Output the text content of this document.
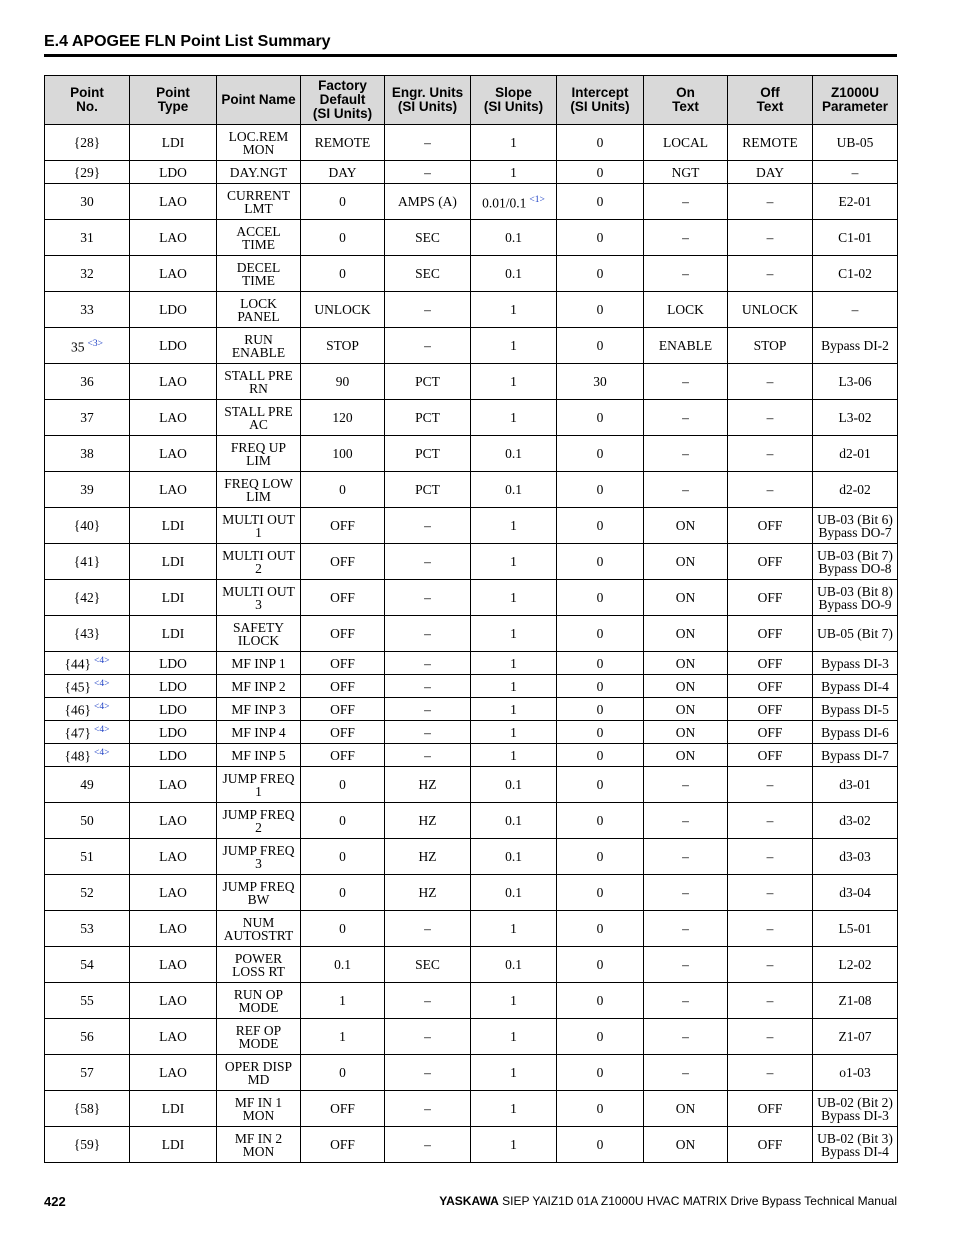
E.4 APOGEE FLN Point List Summary
Point
No.	Point
Type	Point Name	Factory
Default
(SI Units)	Engr. Units
(SI Units)	Slope
(SI Units)	Intercept
(SI Units)	On
Text	Off
Text	Z1000U
Parameter
{28}	LDI	LOC.REM
MON	REMOTE	–	1	0	LOCAL	REMOTE	UB-05
{29}	LDO	DAY.NGT	DAY	–	1	0	NGT	DAY	–
30	LAO	CURRENT
LMT	0	AMPS (A)	0.01/0.1 $^{<1>}$	0	–	–	E2-01
31	LAO	ACCEL
TIME	0	SEC	0.1	0	–	–	C1-01
32	LAO	DECEL
TIME	0	SEC	0.1	0	–	–	C1-02
33	LDO	LOCK
PANEL	UNLOCK	–	1	0	LOCK	UNLOCK	–
35 $^{<3>}$	LDO	RUN
ENABLE	STOP	–	1	0	ENABLE	STOP	Bypass DI-2
36	LAO	STALL PRE
RN	90	PCT	1	30	–	–	L3-06
37	LAO	STALL PRE
AC	120	PCT	1	0	–	–	L3-02
38	LAO	FREQ UP
LIM	100	PCT	0.1	0	–	–	d2-01
39	LAO	FREQ LOW
LIM	0	PCT	0.1	0	–	–	d2-02
{40}	LDI	MULTI OUT
1	OFF	–	1	0	ON	OFF	UB-03 (Bit 6)
Bypass DO-7
{41}	LDI	MULTI OUT
2	OFF	–	1	0	ON	OFF	UB-03 (Bit 7)
Bypass DO-8
{42}	LDI	MULTI OUT
3	OFF	–	1	0	ON	OFF	UB-03 (Bit 8)
Bypass DO-9
{43}	LDI	SAFETY
ILOCK	OFF	–	1	0	ON	OFF	UB-05 (Bit 7)
{44} $^{<4>}$	LDO	MF INP 1	OFF	–	1	0	ON	OFF	Bypass DI-3
{45} $^{<4>}$	LDO	MF INP 2	OFF	–	1	0	ON	OFF	Bypass DI-4
{46} $^{<4>}$	LDO	MF INP 3	OFF	–	1	0	ON	OFF	Bypass DI-5
{47} $^{<4>}$	LDO	MF INP 4	OFF	–	1	0	ON	OFF	Bypass DI-6
{48} $^{<4>}$	LDO	MF INP 5	OFF	–	1	0	ON	OFF	Bypass DI-7
49	LAO	JUMP FREQ
1	0	HZ	0.1	0	–	–	d3-01
50	LAO	JUMP FREQ
2	0	HZ	0.1	0	–	–	d3-02
51	LAO	JUMP FREQ
3	0	HZ	0.1	0	–	–	d3-03
52	LAO	JUMP FREQ
BW	0	HZ	0.1	0	–	–	d3-04
53	LAO	NUM
AUTOSTRT	0	–	1	0	–	–	L5-01
54	LAO	POWER
LOSS RT	0.1	SEC	0.1	0	–	–	L2-02
55	LAO	RUN OP
MODE	1	–	1	0	–	–	Z1-08
56	LAO	REF OP
MODE	1	–	1	0	–	–	Z1-07
57	LAO	OPER DISP
MD	0	–	1	0	–	–	o1-03
{58}	LDI	MF IN 1
MON	OFF	–	1	0	ON	OFF	UB-02 (Bit 2)
Bypass DI-3
{59}	LDI	MF IN 2
MON	OFF	–	1	0	ON	OFF	UB-02 (Bit 3)
Bypass DI-4
422	YASKAWA SIEP YAIZ1D 01A Z1000U HVAC MATRIX Drive Bypass Technical Manual
